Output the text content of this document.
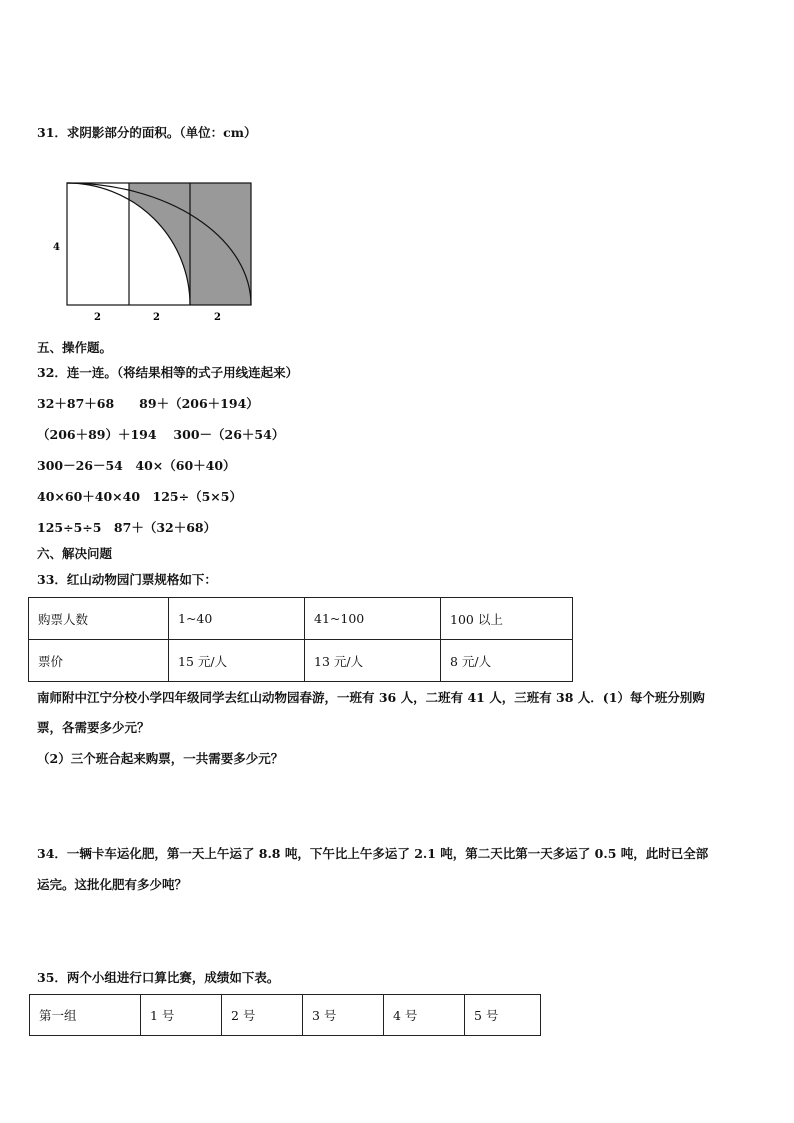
31．求阴影部分的面积。（单位：cm）
4
2	2	2
五、操作题。
32．连一连。（将结果相等的式子用线连起来）
32＋87＋68　　89＋（206＋194）
（206＋89）＋194　 300－（26＋54）
300－26－54　40×（60＋40）
40×60＋40×40　125÷（5×5）
125÷5÷5　87＋（32＋68）
六、解决问题
33．红山动物园门票规格如下：
购票人数	1~40	41~100	100 以上
票价	15 元/人	13 元/人	8 元/人
南师附中江宁分校小学四年级同学去红山动物园春游，一班有 36 人，二班有 41 人，三班有 38 人．(1）每个班分别购
票，各需要多少元？
（2）三个班合起来购票，一共需要多少元？
34．一辆卡车运化肥，第一天上午运了 8.8 吨，下午比上午多运了 2.1 吨，第二天比第一天多运了 0.5 吨，此时已全部
运完。这批化肥有多少吨？
35．两个小组进行口算比赛，成绩如下表。
第一组	1 号	2 号	3 号	4 号	5 号
